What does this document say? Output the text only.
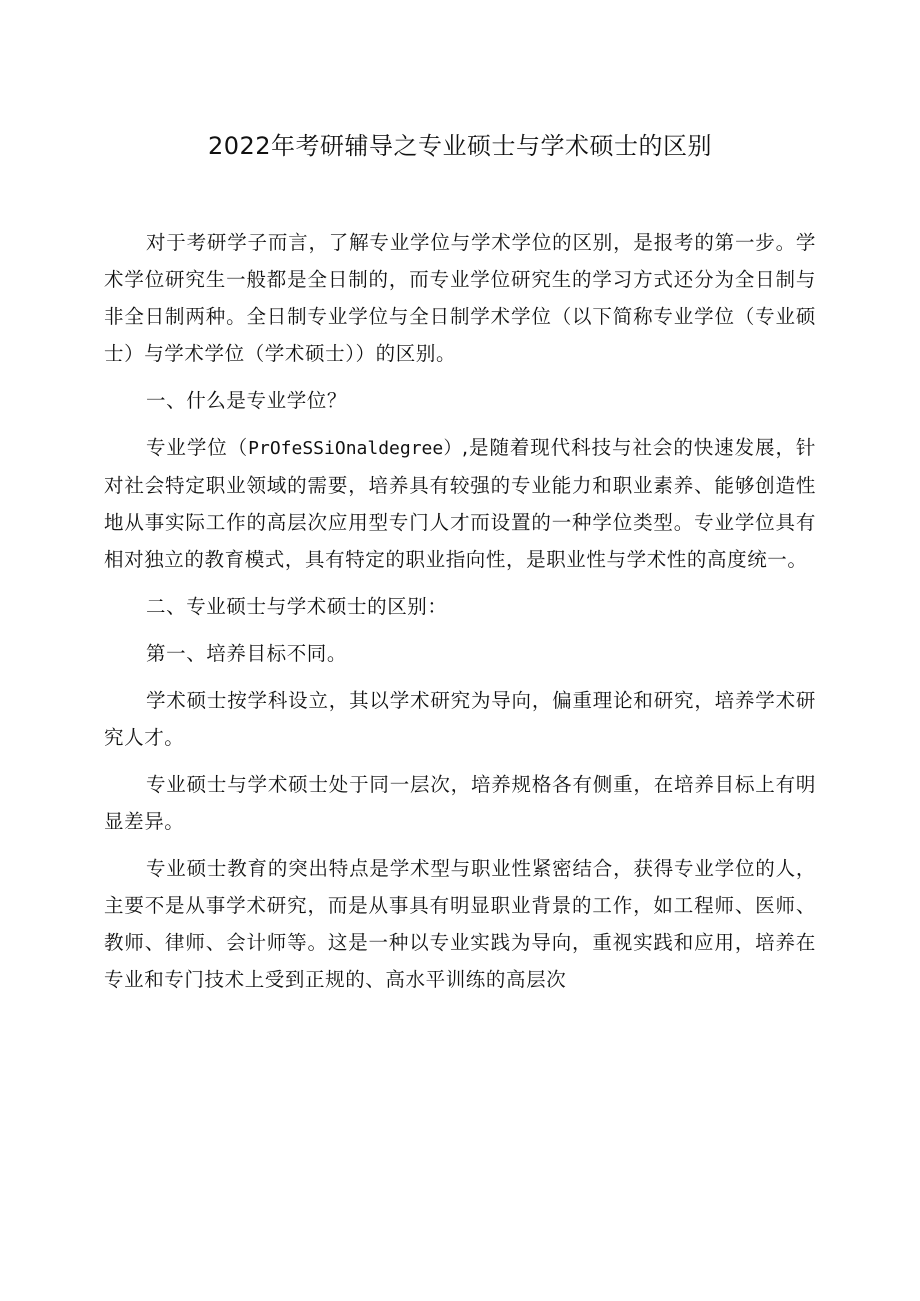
2022年考研辅导之专业硕士与学术硕士的区别

对于考研学子而言，了解专业学位与学术学位的区别，是报考的第一步。学术学位研究生一般都是全日制的，而专业学位研究生的学习方式还分为全日制与非全日制两种。全日制专业学位与全日制学术学位（以下简称专业学位（专业硕士）与学术学位（学术硕士））的区别。

一、什么是专业学位？

专业学位（PrOfeSSiOnaldegree）,是随着现代科技与社会的快速发展，针对社会特定职业领域的需要，培养具有较强的专业能力和职业素养、能够创造性地从事实际工作的高层次应用型专门人才而设置的一种学位类型。专业学位具有相对独立的教育模式，具有特定的职业指向性，是职业性与学术性的高度统一。

二、专业硕士与学术硕士的区别：

第一、培养目标不同。

学术硕士按学科设立，其以学术研究为导向，偏重理论和研究，培养学术研究人才。

专业硕士与学术硕士处于同一层次，培养规格各有侧重，在培养目标上有明显差异。

专业硕士教育的突出特点是学术型与职业性紧密结合，获得专业学位的人，主要不是从事学术研究，而是从事具有明显职业背景的工作，如工程师、医师、教师、律师、会计师等。这是一种以专业实践为导向，重视实践和应用，培养在专业和专门技术上受到正规的、高水平训练的高层次
